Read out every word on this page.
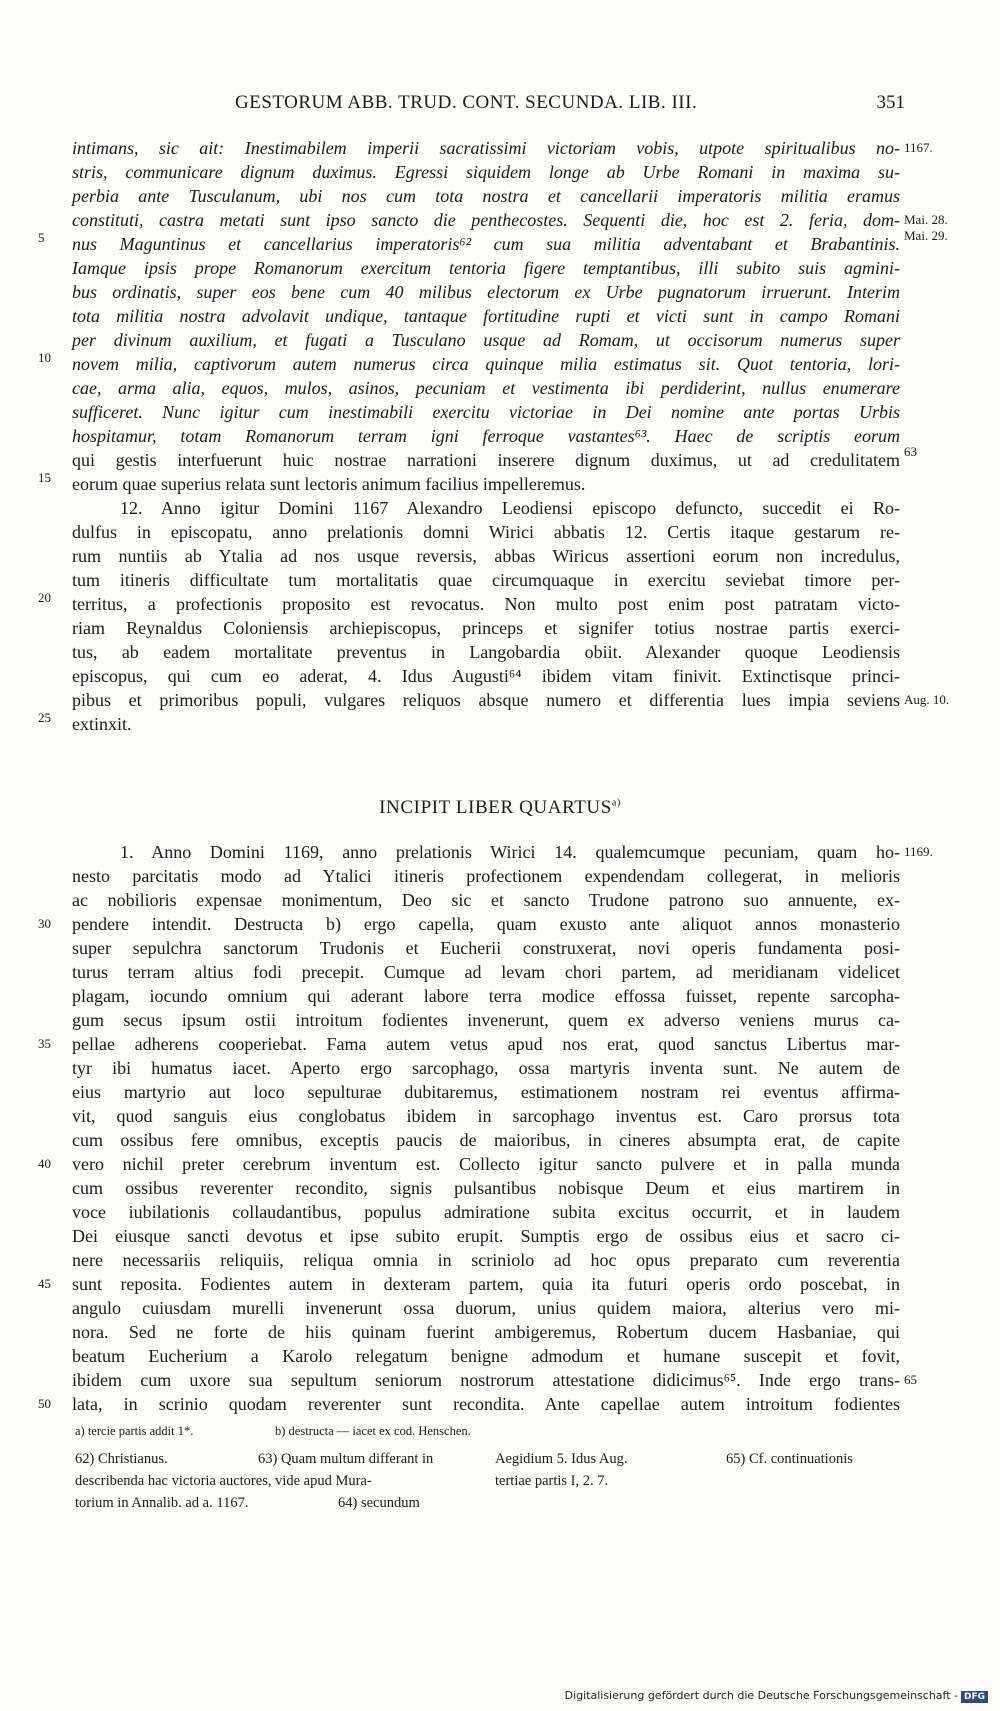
GESTORUM ABB. TRUD. CONT. SECUNDA. LIB. III.	351
intimans, sic ait: Inestimabilem imperii sacratissimi victoriam vobis, utpote spiritualibus no-
stris, communicare dignum duximus. Egressi siquidem longe ab Urbe Romani in maxima su-
perbia ante Tusculanum, ubi nos cum tota nostra et cancellarii imperatoris militia eramus
constituti, castra metati sunt ipso sancto die penthecostes. Sequenti die, hoc est 2. feria, dom-
nus Maguntinus et cancellarius imperatoris⁶² cum sua militia adventabant et Brabantinis.
Iamque ipsis prope Romanorum exercitum tentoria figere temptantibus, illi subito suis agmini-
bus ordinatis, super eos bene cum 40 milibus electorum ex Urbe pugnatorum irruerunt. Interim
tota militia nostra advolavit undique, tantaque fortitudine rupti et victi sunt in campo Romani
per divinum auxilium, et fugati a Tusculano usque ad Romam, ut occisorum numerus super
novem milia, captivorum autem numerus circa quinque milia estimatus sit. Quot tentoria, lori-
cae, arma alia, equos, mulos, asinos, pecuniam et vestimenta ibi perdiderint, nullus enumerare
sufficeret. Nunc igitur cum inestimabili exercitu victoriae in Dei nomine ante portas Urbis
hospitamur, totam Romanorum terram igni ferroque vastantes⁶³. Haec de scriptis eorum
qui gestis interfuerunt huic nostrae narrationi inserere dignum duximus, ut ad credulitatem
eorum quae superius relata sunt lectoris animum facilius impelleremus.
12. Anno igitur Domini 1167 Alexandro Leodiensi episcopo defuncto, succedit ei Ro-
dulfus in episcopatu, anno prelationis domni Wirici abbatis 12. Certis itaque gestarum re-
rum nuntiis ab Ytalia ad nos usque reversis, abbas Wiricus assertioni eorum non incredulus,
tum itineris difficultate tum mortalitatis quae circumquaque in exercitu seviebat timore per-
territus, a profectionis proposito est revocatus. Non multo post enim post patratam victo-
riam Reynaldus Coloniensis archiepiscopus, princeps et signifer totius nostrae partis exerci-
tus, ab eadem mortalitate preventus in Langobardia obiit. Alexander quoque Leodiensis
episcopus, qui cum eo aderat, 4. Idus Augusti⁶⁴ ibidem vitam finivit. Extinctisque princi-
pibus et primoribus populi, vulgares reliquos absque numero et differentia lues impia seviens
extinxit.
5
10
15
20
25
1167.
Mai. 28.
Mai. 29.
63
Aug. 10.
INCIPIT LIBER QUARTUS$^{a)}$
1. Anno Domini 1169, anno prelationis Wirici 14. qualemcumque pecuniam, quam ho-
nesto parcitatis modo ad Ytalici itineris profectionem expendendam collegerat, in melioris
ac nobilioris expensae monimentum, Deo sic et sancto Trudone patrono suo annuente, ex-
pendere intendit. Destructa b) ergo capella, quam exusto ante aliquot annos monasterio
super sepulchra sanctorum Trudonis et Eucherii construxerat, novi operis fundamenta posi-
turus terram altius fodi precepit. Cumque ad levam chori partem, ad meridianam videlicet
plagam, iocundo omnium qui aderant labore terra modice effossa fuisset, repente sarcopha-
gum secus ipsum ostii introitum fodientes invenerunt, quem ex adverso veniens murus ca-
pellae adherens cooperiebat. Fama autem vetus apud nos erat, quod sanctus Libertus mar-
tyr ibi humatus iacet. Aperto ergo sarcophago, ossa martyris inventa sunt. Ne autem de
eius martyrio aut loco sepulturae dubitaremus, estimationem nostram rei eventus affirma-
vit, quod sanguis eius conglobatus ibidem in sarcophago inventus est. Caro prorsus tota
cum ossibus fere omnibus, exceptis paucis de maioribus, in cineres absumpta erat, de capite
vero nichil preter cerebrum inventum est. Collecto igitur sancto pulvere et in palla munda
cum ossibus reverenter recondito, signis pulsantibus nobisque Deum et eius martirem in
voce iubilationis collaudantibus, populus admiratione subita excitus occurrit, et in laudem
Dei eiusque sancti devotus et ipse subito erupit. Sumptis ergo de ossibus eius et sacro ci-
nere necessariis reliquiis, reliqua omnia in scriniolo ad hoc opus preparato cum reverentia
sunt reposita. Fodientes autem in dexteram partem, quia ita futuri operis ordo poscebat, in
angulo cuiusdam murelli invenerunt ossa duorum, unius quidem maiora, alterius vero mi-
nora. Sed ne forte de hiis quinam fuerint ambigeremus, Robertum ducem Hasbaniae, qui
beatum Eucherium a Karolo relegatum benigne admodum et humane suscepit et fovit,
ibidem cum uxore sua sepultum seniorum nostrorum attestatione didicimus⁶⁵. Inde ergo trans-
lata, in scrinio quodam reverenter sunt recondita. Ante capellae autem introitum fodientes
30
35
40
45
50
1169.
65
a) tercie partis addit 1*.	b) destructa — iacet ex cod. Henschen.
62) Christianus.
describenda hac victoria auctores, vide apud Mura-
torium in Annalib. ad a. 1167.
63) Quam multum differant in
64) secundum
Aegidium 5. Idus Aug.
tertiae partis I, 2. 7.
65) Cf. continuationis
Digitalisierung gefördert durch die Deutsche Forschungsgemeinschaft - DFG
